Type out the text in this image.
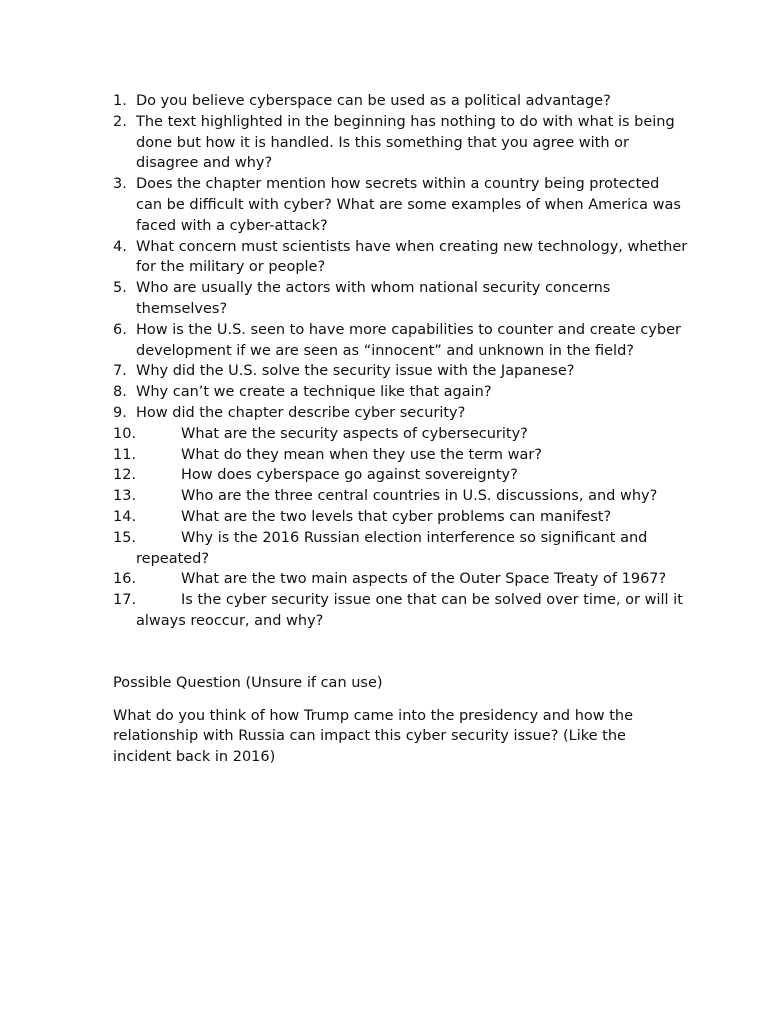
1. Do you believe cyberspace can be used as a political advantage?
2. The text highlighted in the beginning has nothing to do with what is being done but how it is handled. Is this something that you agree with or disagree and why?
3. Does the chapter mention how secrets within a country being protected can be difficult with cyber? What are some examples of when America was faced with a cyber-attack?
4. What concern must scientists have when creating new technology, whether for the military or people?
5. Who are usually the actors with whom national security concerns themselves?
6. How is the U.S. seen to have more capabilities to counter and create cyber development if we are seen as “innocent” and unknown in the field?
7. Why did the U.S. solve the security issue with the Japanese?
8. Why can’t we create a technique like that again?
9. How did the chapter describe cyber security?
10.	What are the security aspects of cybersecurity?
11.	What do they mean when they use the term war?
12.	How does cyberspace go against sovereignty?
13.	Who are the three central countries in U.S. discussions, and why?
14.	What are the two levels that cyber problems can manifest?
15.	Why is the 2016 Russian election interference so significant and repeated?
16.	What are the two main aspects of the Outer Space Treaty of 1967?
17.	Is the cyber security issue one that can be solved over time, or will it always reoccur, and why?
Possible Question (Unsure if can use)
What do you think of how Trump came into the presidency and how the relationship with Russia can impact this cyber security issue? (Like the incident back in 2016)
